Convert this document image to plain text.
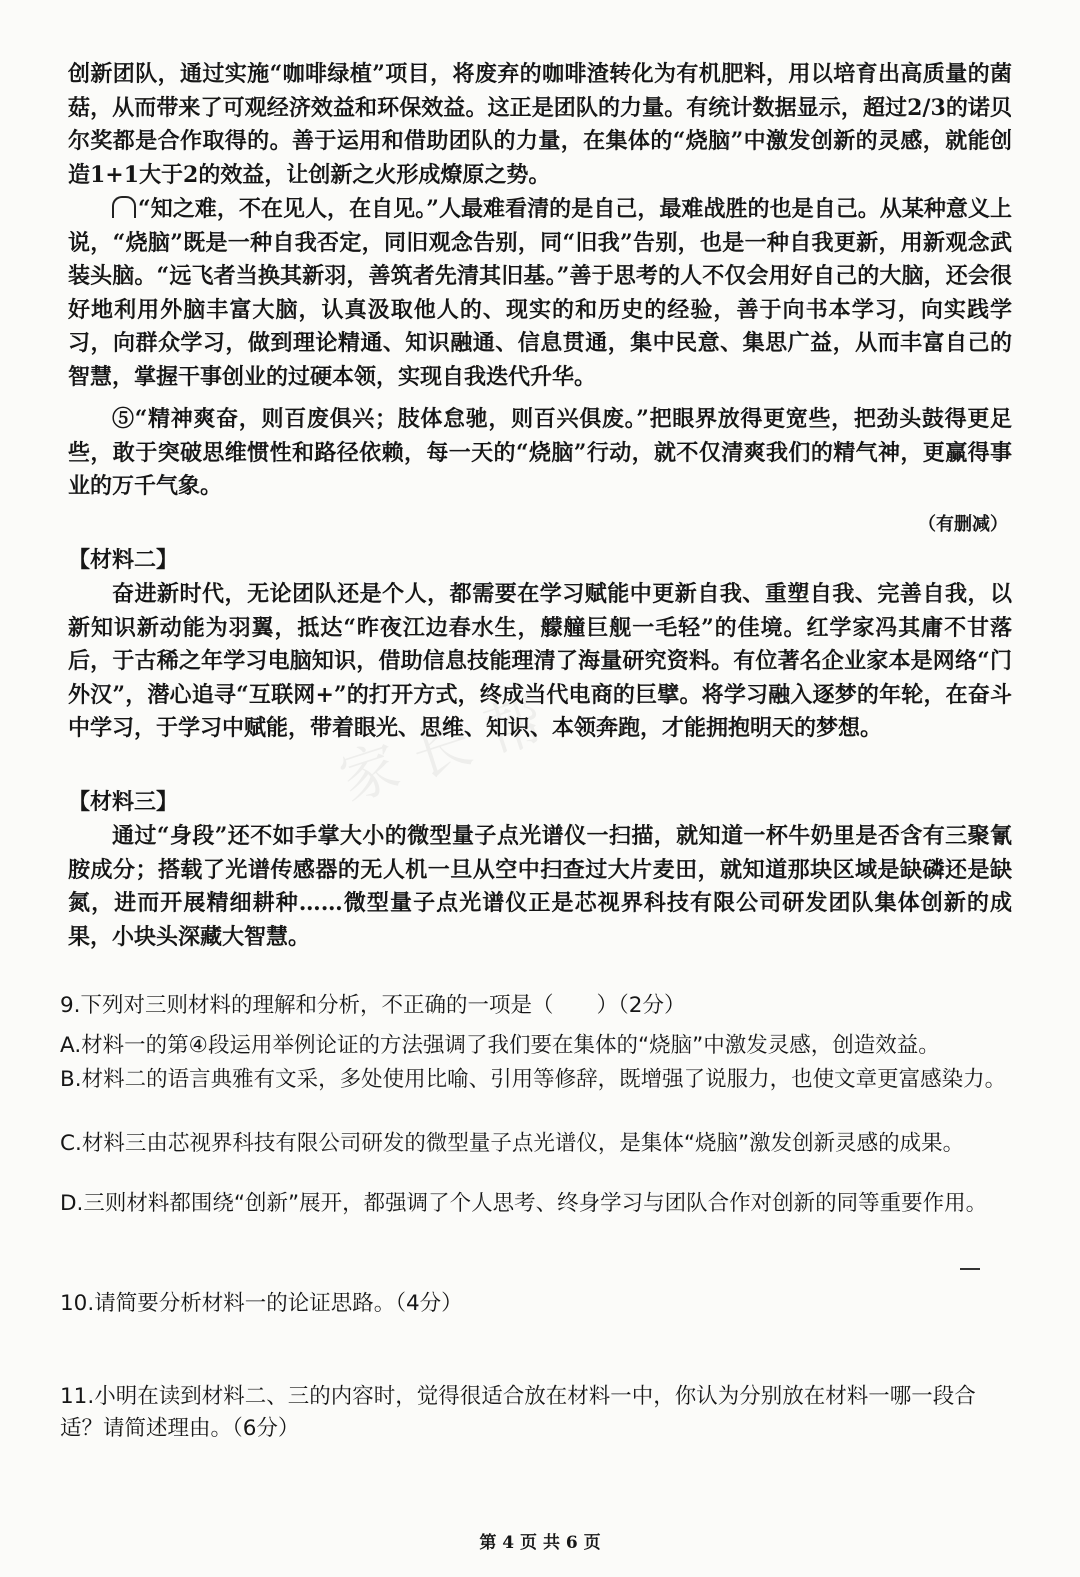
家长帮

创新团队，通过实施“咖啡绿植”项目，将废弃的咖啡渣转化为有机肥料，用以培育出高质量的菌菇，从而带来了可观经济效益和环保效益。这正是团队的力量。有统计数据显示，超过2/3的诺贝尔奖都是合作取得的。善于运用和借助团队的力量，在集体的“烧脑”中激发创新的灵感，就能创造1+1大于2的效益，让创新之火形成燎原之势。

“知之难，不在见人，在自见。”人最难看清的是自己，最难战胜的也是自己。从某种意义上说，“烧脑”既是一种自我否定，同旧观念告别，同“旧我”告别，也是一种自我更新，用新观念武装头脑。“远飞者当换其新羽，善筑者先清其旧基。”善于思考的人不仅会用好自己的大脑，还会很好地利用外脑丰富大脑，认真汲取他人的、现实的和历史的经验，善于向书本学习，向实践学习，向群众学习，做到理论精通、知识融通、信息贯通，集中民意、集思广益，从而丰富自己的智慧，掌握干事创业的过硬本领，实现自我迭代升华。

⑤“精神爽奋，则百废俱兴；肢体怠驰，则百兴俱废。”把眼界放得更宽些，把劲头鼓得更足些，敢于突破思维惯性和路径依赖，每一天的“烧脑”行动，就不仅清爽我们的精气神，更赢得事业的万千气象。

（有删减）
【材料二】

奋进新时代，无论团队还是个人，都需要在学习赋能中更新自我、重塑自我、完善自我，以新知识新动能为羽翼，抵达“昨夜江边春水生，艨艟巨舰一毛轻”的佳境。红学家冯其庸不甘落后，于古稀之年学习电脑知识，借助信息技能理清了海量研究资料。有位著名企业家本是网络“门外汉”，潜心追寻“互联网+”的打开方式，终成当代电商的巨擘。将学习融入逐梦的年轮，在奋斗中学习，于学习中赋能，带着眼光、思维、知识、本领奔跑，才能拥抱明天的梦想。

【材料三】

通过“身段”还不如手掌大小的微型量子点光谱仪一扫描，就知道一杯牛奶里是否含有三聚氰胺成分；搭载了光谱传感器的无人机一旦从空中扫查过大片麦田，就知道那块区域是缺磷还是缺氮，进而开展精细耕种……微型量子点光谱仪正是芯视界科技有限公司研发团队集体创新的成果，小块头深藏大智慧。

9.下列对三则材料的理解和分析，不正确的一项是（　　）（2分）

A.材料一的第④段运用举例论证的方法强调了我们要在集体的“烧脑”中激发灵感，创造效益。

B.材料二的语言典雅有文采，多处使用比喻、引用等修辞，既增强了说服力，也使文章更富感染力。

C.材料三由芯视界科技有限公司研发的微型量子点光谱仪，是集体“烧脑”激发创新灵感的成果。

D.三则材料都围绕“创新”展开，都强调了个人思考、终身学习与团队合作对创新的同等重要作用。

10.请简要分析材料一的论证思路。（4分）

11.小明在读到材料二、三的内容时，觉得很适合放在材料一中，你认为分别放在材料一哪一段合适？请简述理由。（6分）

第 4 页 共 6 页
